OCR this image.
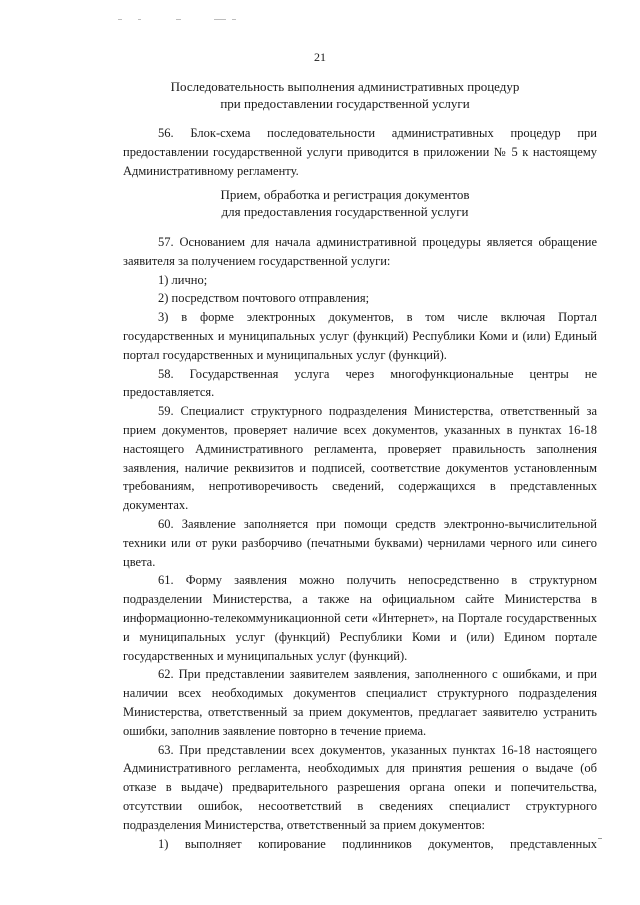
21
Последовательность выполнения административных процедур
при предоставлении государственной услуги

56. Блок-схема последовательности административных процедур при предоставлении государственной услуги приводится в приложении № 5 к настоящему Административному регламенту.

Прием, обработка и регистрация документов
для предоставления государственной услуги

57. Основанием для начала административной процедуры является обращение заявителя за получением государственной услуги:

1) лично;

2) посредством почтового отправления;

3) в форме электронных документов, в том числе включая Портал государственных и муниципальных услуг (функций) Республики Коми и (или) Единый портал государственных и муниципальных услуг (функций).

58. Государственная услуга через многофункциональные центры не предоставляется.

59. Специалист структурного подразделения Министерства, ответственный за прием документов, проверяет наличие всех документов, указанных в пунктах 16-18 настоящего Административного регламента, проверяет правильность заполнения заявления, наличие реквизитов и подписей, соответствие документов установленным требованиям, непротиворечивость сведений, содержащихся в представленных документах.

60. Заявление заполняется при помощи средств электронно-вычислительной техники или от руки разборчиво (печатными буквами) чернилами черного или синего цвета.

61. Форму заявления можно получить непосредственно в структурном подразделении Министерства, а также на официальном сайте Министерства в информационно-телекоммуникационной сети «Интернет», на Портале государственных и муниципальных услуг (функций) Республики Коми и (или) Едином портале государственных и муниципальных услуг (функций).

62. При представлении заявителем заявления, заполненного с ошибками, и при наличии всех необходимых документов специалист структурного подразделения Министерства, ответственный за прием документов, предлагает заявителю устранить ошибки, заполнив заявление повторно в течение приема.

63. При представлении всех документов, указанных пунктах 16-18 настоящего Административного регламента, необходимых для принятия решения о выдаче (об отказе в выдаче) предварительного разрешения органа опеки и попечительства, отсутствии ошибок, несоответствий в сведениях специалист структурного подразделения Министерства, ответственный за прием документов:

1) выполняет копирование подлинников документов, представленных
